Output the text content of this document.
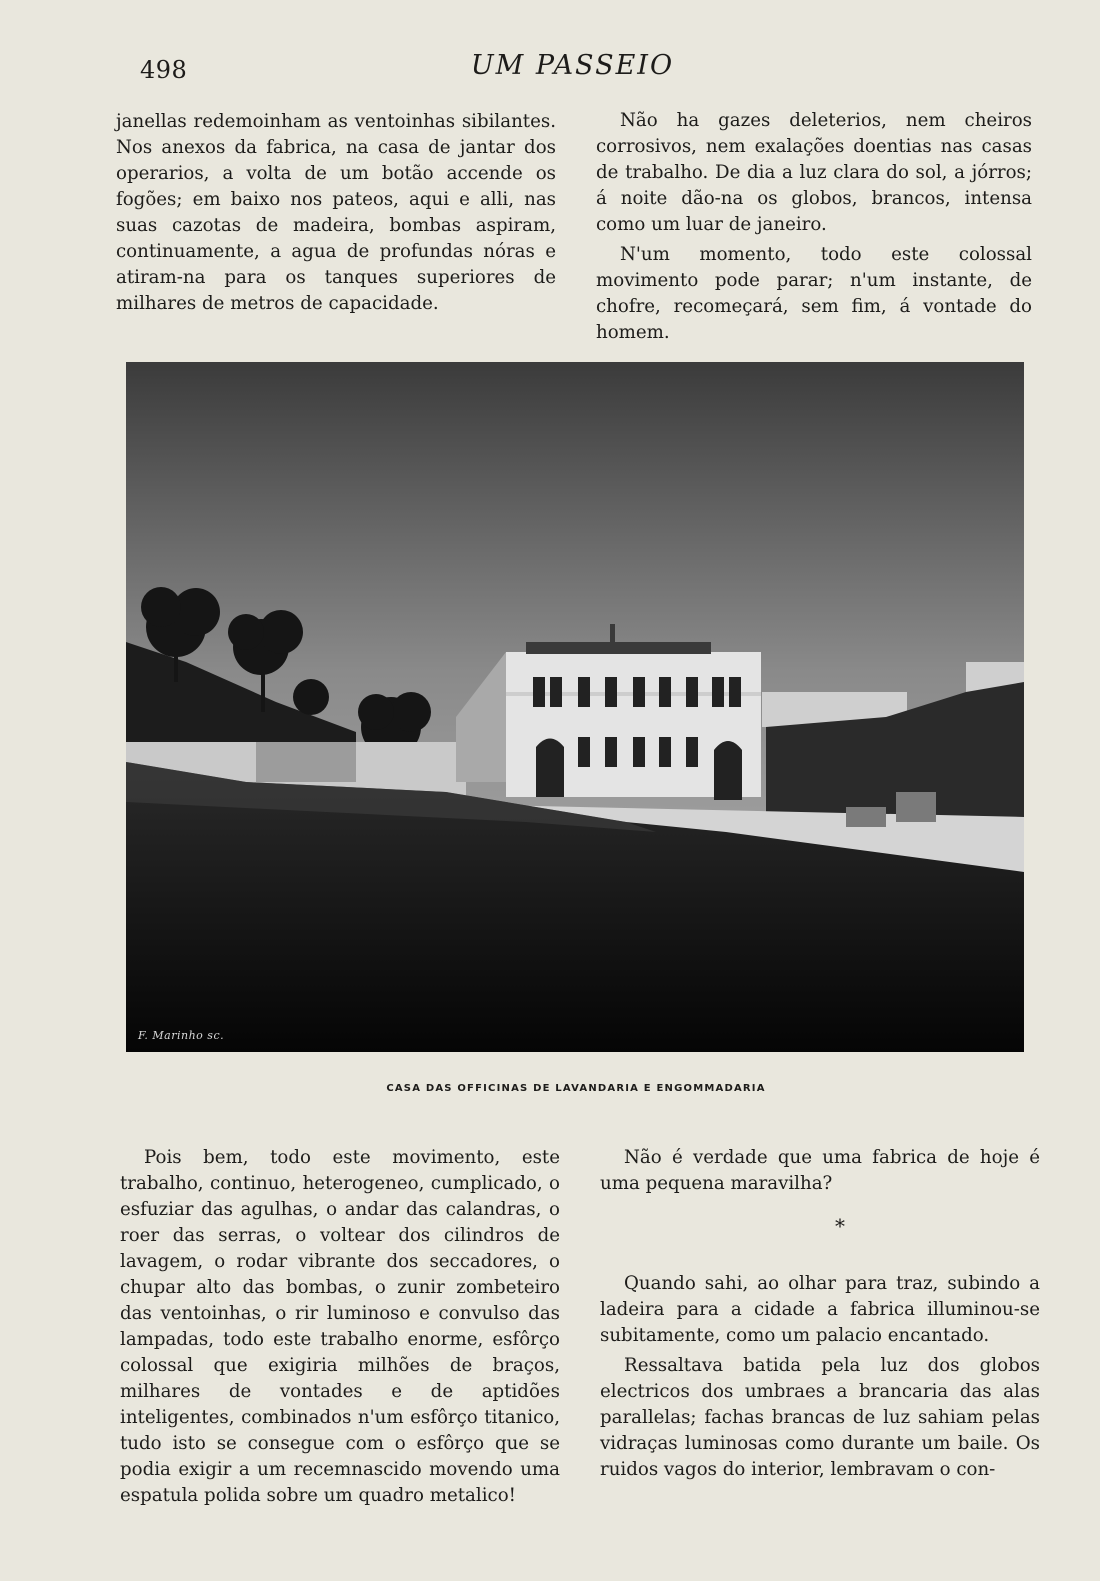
498	UM PASSEIO

janellas redemoinham as ventoinhas sibilantes. Nos anexos da fabrica, na casa de jantar dos operarios, a volta de um botão accende os fogões; em baixo nos pateos, aqui e alli, nas suas cazotas de madeira, bombas aspiram, continuamente, a agua de profundas nóras e atiram-na para os tanques superiores de milhares de metros de capacidade.

Não ha gazes deleterios, nem cheiros corrosivos, nem exalações doentias nas casas de trabalho. De dia a luz clara do sol, a jórros; á noite dão-na os globos, brancos, intensa como um luar de janeiro.

N'um momento, todo este colossal movimento pode parar; n'um instante, de chofre, recomeçará, sem fim, á vontade do homem.

F. Marinho sc.
CASA DAS OFFICINAS DE LAVANDARIA E ENGOMMADARIA

Pois bem, todo este movimento, este trabalho, continuo, heterogeneo, cumplicado, o esfuziar das agulhas, o andar das calandras, o roer das serras, o voltear dos cilindros de lavagem, o rodar vibrante dos seccadores, o chupar alto das bombas, o zunir zombeteiro das ventoinhas, o rir luminoso e convulso das lampadas, todo este trabalho enorme, esfôrço colossal que exigiria milhões de braços, milhares de vontades e de aptidões inteligentes, combinados n'um esfôrço titanico, tudo isto se consegue com o esfôrço que se podia exigir a um recemnascido movendo uma espatula polida sobre um quadro metalico!

Não é verdade que uma fabrica de hoje é uma pequena maravilha?

*

Quando sahi, ao olhar para traz, subindo a ladeira para a cidade a fabrica illuminou-se subitamente, como um palacio encantado.

Ressaltava batida pela luz dos globos electricos dos umbraes a brancaria das alas parallelas; fachas brancas de luz sahiam pelas vidraças luminosas como durante um baile. Os ruidos vagos do interior, lembravam o con-
